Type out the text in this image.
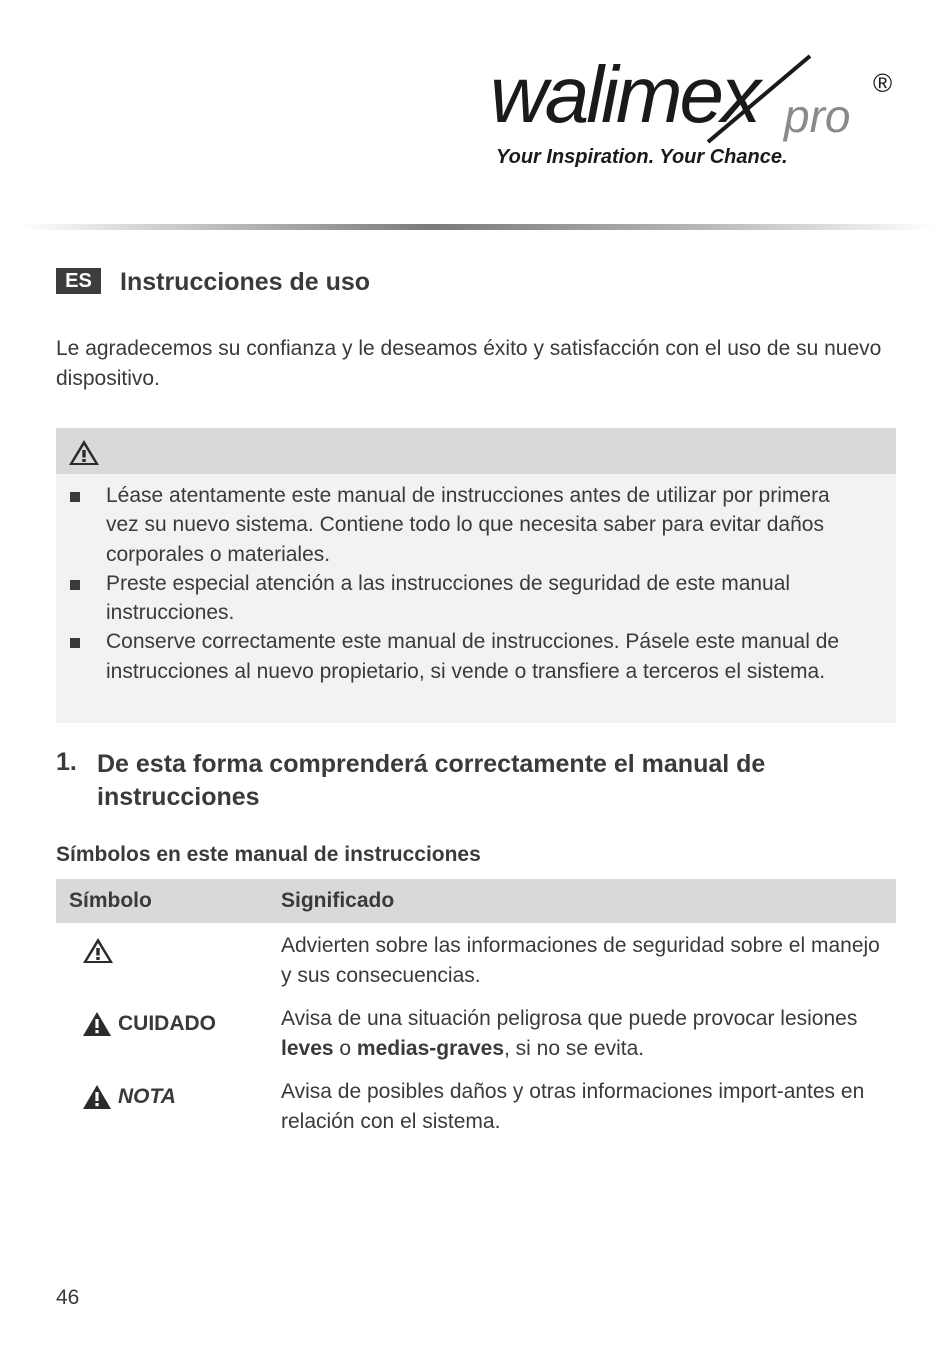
walimex pro
®
Your Inspiration. Your Chance.
ES	Instrucciones de uso
Le agradecemos su confianza y le deseamos éxito y satisfacción con el uso de su nuevo dispositivo.
Léase atentamente este manual de instrucciones antes de utilizar por primera vez su nuevo sistema. Contiene todo lo que necesita saber para evitar daños corporales o materiales.
Preste especial atención a las instrucciones de seguridad de este manual instrucciones.
Conserve correctamente este manual de instrucciones. Pásele este manual de instrucciones al nuevo propietario, si vende o transfiere a terceros el sistema.
1. De esta forma comprenderá correctamente el manual de instrucciones
Símbolos en este manual de instrucciones
Símbolo	Significado
Advierten sobre las informaciones de seguridad sobre el manejo y sus consecuencias.
CUIDADO	Avisa de una situación peligrosa que puede provocar lesiones leves o medias-graves, si no se evita.
NOTA	Avisa de posibles daños y otras informaciones import-antes en relación con el sistema.
46
